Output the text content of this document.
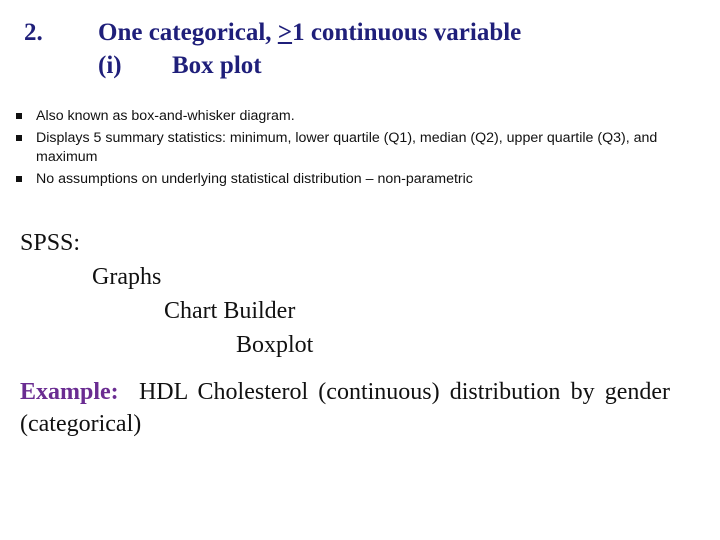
2.	One categorical, >1 continuous variable
(i)	Box plot
Also known as box-and-whisker diagram.
Displays 5 summary statistics: minimum, lower quartile (Q1), median (Q2), upper quartile (Q3), and maximum
No assumptions on underlying statistical distribution – non-parametric
SPSS:
Graphs
Chart Builder
Boxplot
Example: HDL Cholesterol (continuous) distribution by gender (categorical)
